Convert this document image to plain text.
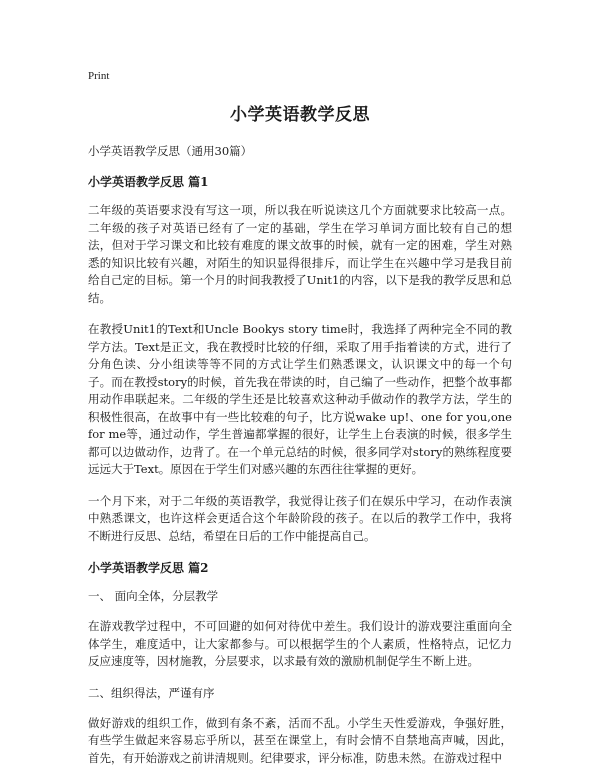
Print
小学英语教学反思
小学英语教学反思（通用30篇）
小学英语教学反思 篇1

二年级的英语要求没有写这一项，所以我在听说读这几个方面就要求比较高一点。二年级的孩子对英语已经有了一定的基础，学生在学习单词方面比较有自己的想法，但对于学习课文和比较有难度的课文故事的时候，就有一定的困难，学生对熟悉的知识比较有兴趣，对陌生的知识显得很排斥，而让学生在兴趣中学习是我目前给自己定的目标。第一个月的时间我教授了Unit1的内容，以下是我的教学反思和总结。

在教授Unit1的Text和Uncle Bookys story time时，我选择了两种完全不同的教学方法。Text是正文，我在教授时比较的仔细，采取了用手指着读的方式，进行了分角色读、分小组读等等不同的方式让学生们熟悉课文，认识课文中的每一个句子。而在教授story的时候，首先我在带读的时，自己编了一些动作，把整个故事都用动作串联起来。二年级的学生还是比较喜欢这种动手做动作的教学方法，学生的积极性很高，在故事中有一些比较难的句子，比方说wake up!、one for you,one for me等，通过动作，学生普遍都掌握的很好，让学生上台表演的时候，很多学生都可以边做动作，边背了。在一个单元总结的时候，很多同学对story的熟练程度要远远大于Text。原因在于学生们对感兴趣的东西往往掌握的更好。

一个月下来，对于二年级的英语教学，我觉得让孩子们在娱乐中学习，在动作表演中熟悉课文，也许这样会更适合这个年龄阶段的孩子。在以后的教学工作中，我将不断进行反思、总结，希望在日后的工作中能提高自己。

小学英语教学反思 篇2
一、 面向全体，分层教学

在游戏教学过程中，不可回避的如何对待优中差生。我们设计的游戏要注重面向全体学生，难度适中，让大家都参与。可以根据学生的个人素质，性格特点，记忆力反应速度等，因材施教，分层要求，以求最有效的激励机制促学生不断上进。

二、组织得法，严谨有序

做好游戏的组织工作，做到有条不紊，活而不乱。小学生天性爱游戏，争强好胜，有些学生做起来容易忘乎所以，甚至在课堂上，有时会情不自禁地高声喊，因此，首先，有开始游戏之前讲清规则。纪律要求，评分标准，防患未然。在游戏过程中
